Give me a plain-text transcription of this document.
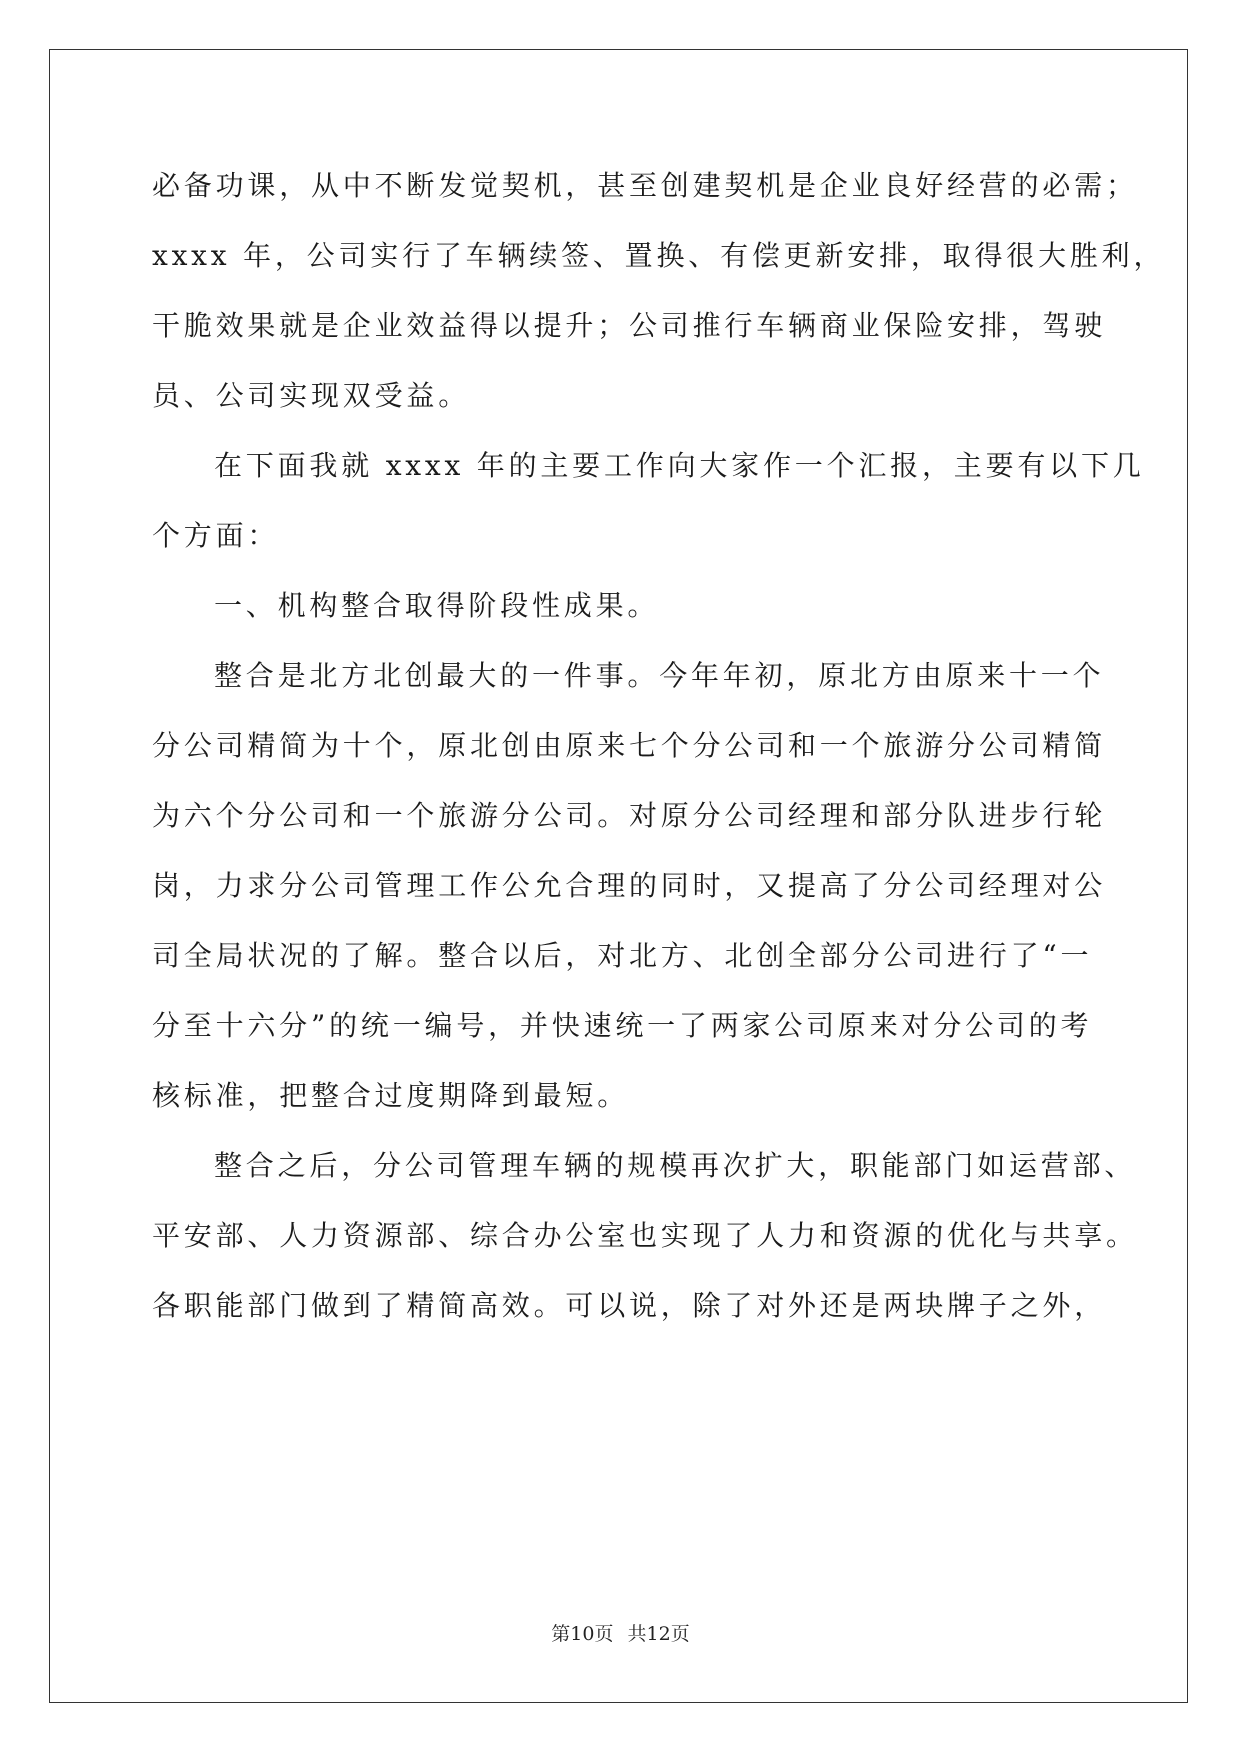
必备功课，从中不断发觉契机，甚至创建契机是企业良好经营的必需；
xxxx 年，公司实行了车辆续签、置换、有偿更新安排，取得很大胜利，
干脆效果就是企业效益得以提升；公司推行车辆商业保险安排，驾驶
员、公司实现双受益。
在下面我就 xxxx 年的主要工作向大家作一个汇报，主要有以下几
个方面：
一、机构整合取得阶段性成果。
整合是北方北创最大的一件事。今年年初，原北方由原来十一个
分公司精简为十个，原北创由原来七个分公司和一个旅游分公司精简
为六个分公司和一个旅游分公司。对原分公司经理和部分队进步行轮
岗，力求分公司管理工作公允合理的同时，又提高了分公司经理对公
司全局状况的了解。整合以后，对北方、北创全部分公司进行了“一
分至十六分”的统一编号，并快速统一了两家公司原来对分公司的考
核标准，把整合过度期降到最短。
整合之后，分公司管理车辆的规模再次扩大，职能部门如运营部、
平安部、人力资源部、综合办公室也实现了人力和资源的优化与共享。
各职能部门做到了精简高效。可以说，除了对外还是两块牌子之外，
第10页 共12页
